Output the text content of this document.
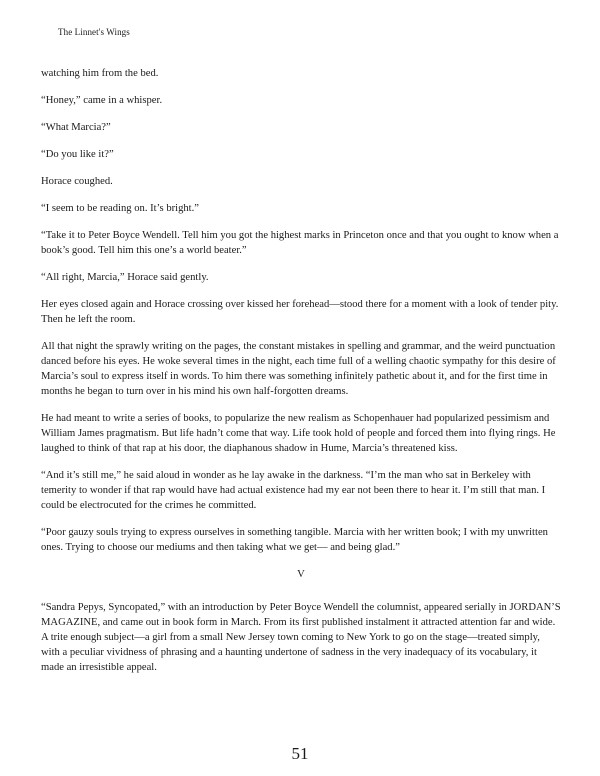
The Linnet's Wings

watching him from the bed.

“Honey,” came in a whisper.

“What Marcia?”

“Do you like it?”

Horace coughed.

“I seem to be reading on. It’s bright.”

“Take it to Peter Boyce Wendell. Tell him you got the highest marks in Princeton once and that you ought to know when a book’s good. Tell him this one’s a world beater.”

“All right, Marcia,” Horace said gently.

Her eyes closed again and Horace crossing over kissed her forehead—stood there for a moment with a look of tender pity. Then he left the room.

All that night the sprawly writing on the pages, the constant mistakes in spelling and grammar, and the weird punctuation danced before his eyes. He woke several times in the night, each time full of a welling chaotic sympathy for this desire of Marcia’s soul to express itself in words. To him there was something infinitely pathetic about it, and for the first time in months he began to turn over in his mind his own half-forgotten dreams.

He had meant to write a series of books, to popularize the new realism as Schopenhauer had popularized pessimism and William James pragmatism. But life hadn’t come that way. Life took hold of people and forced them into flying rings. He laughed to think of that rap at his door, the diaphanous shadow in Hume, Marcia’s threatened kiss.

“And it’s still me,” he said aloud in wonder as he lay awake in the darkness. “I’m the man who sat in Berkeley with temerity to wonder if that rap would have had actual existence had my ear not been there to hear it. I’m still that man. I could be electrocuted for the crimes he committed.

“Poor gauzy souls trying to express ourselves in something tangible. Marcia with her written book; I with my unwritten ones. Trying to choose our mediums and then taking what we get— and being glad.”

V

“Sandra Pepys, Syncopated,” with an introduction by Peter Boyce Wendell the columnist, appeared serially in JORDAN’S MAGAZINE, and came out in book form in March. From its first published instalment it attracted attention far and wide. A trite enough subject—a girl from a small New Jersey town coming to New York to go on the stage—treated simply, with a peculiar vividness of phrasing and a haunting undertone of sadness in the very inadequacy of its vocabulary, it made an irresistible appeal.

51
